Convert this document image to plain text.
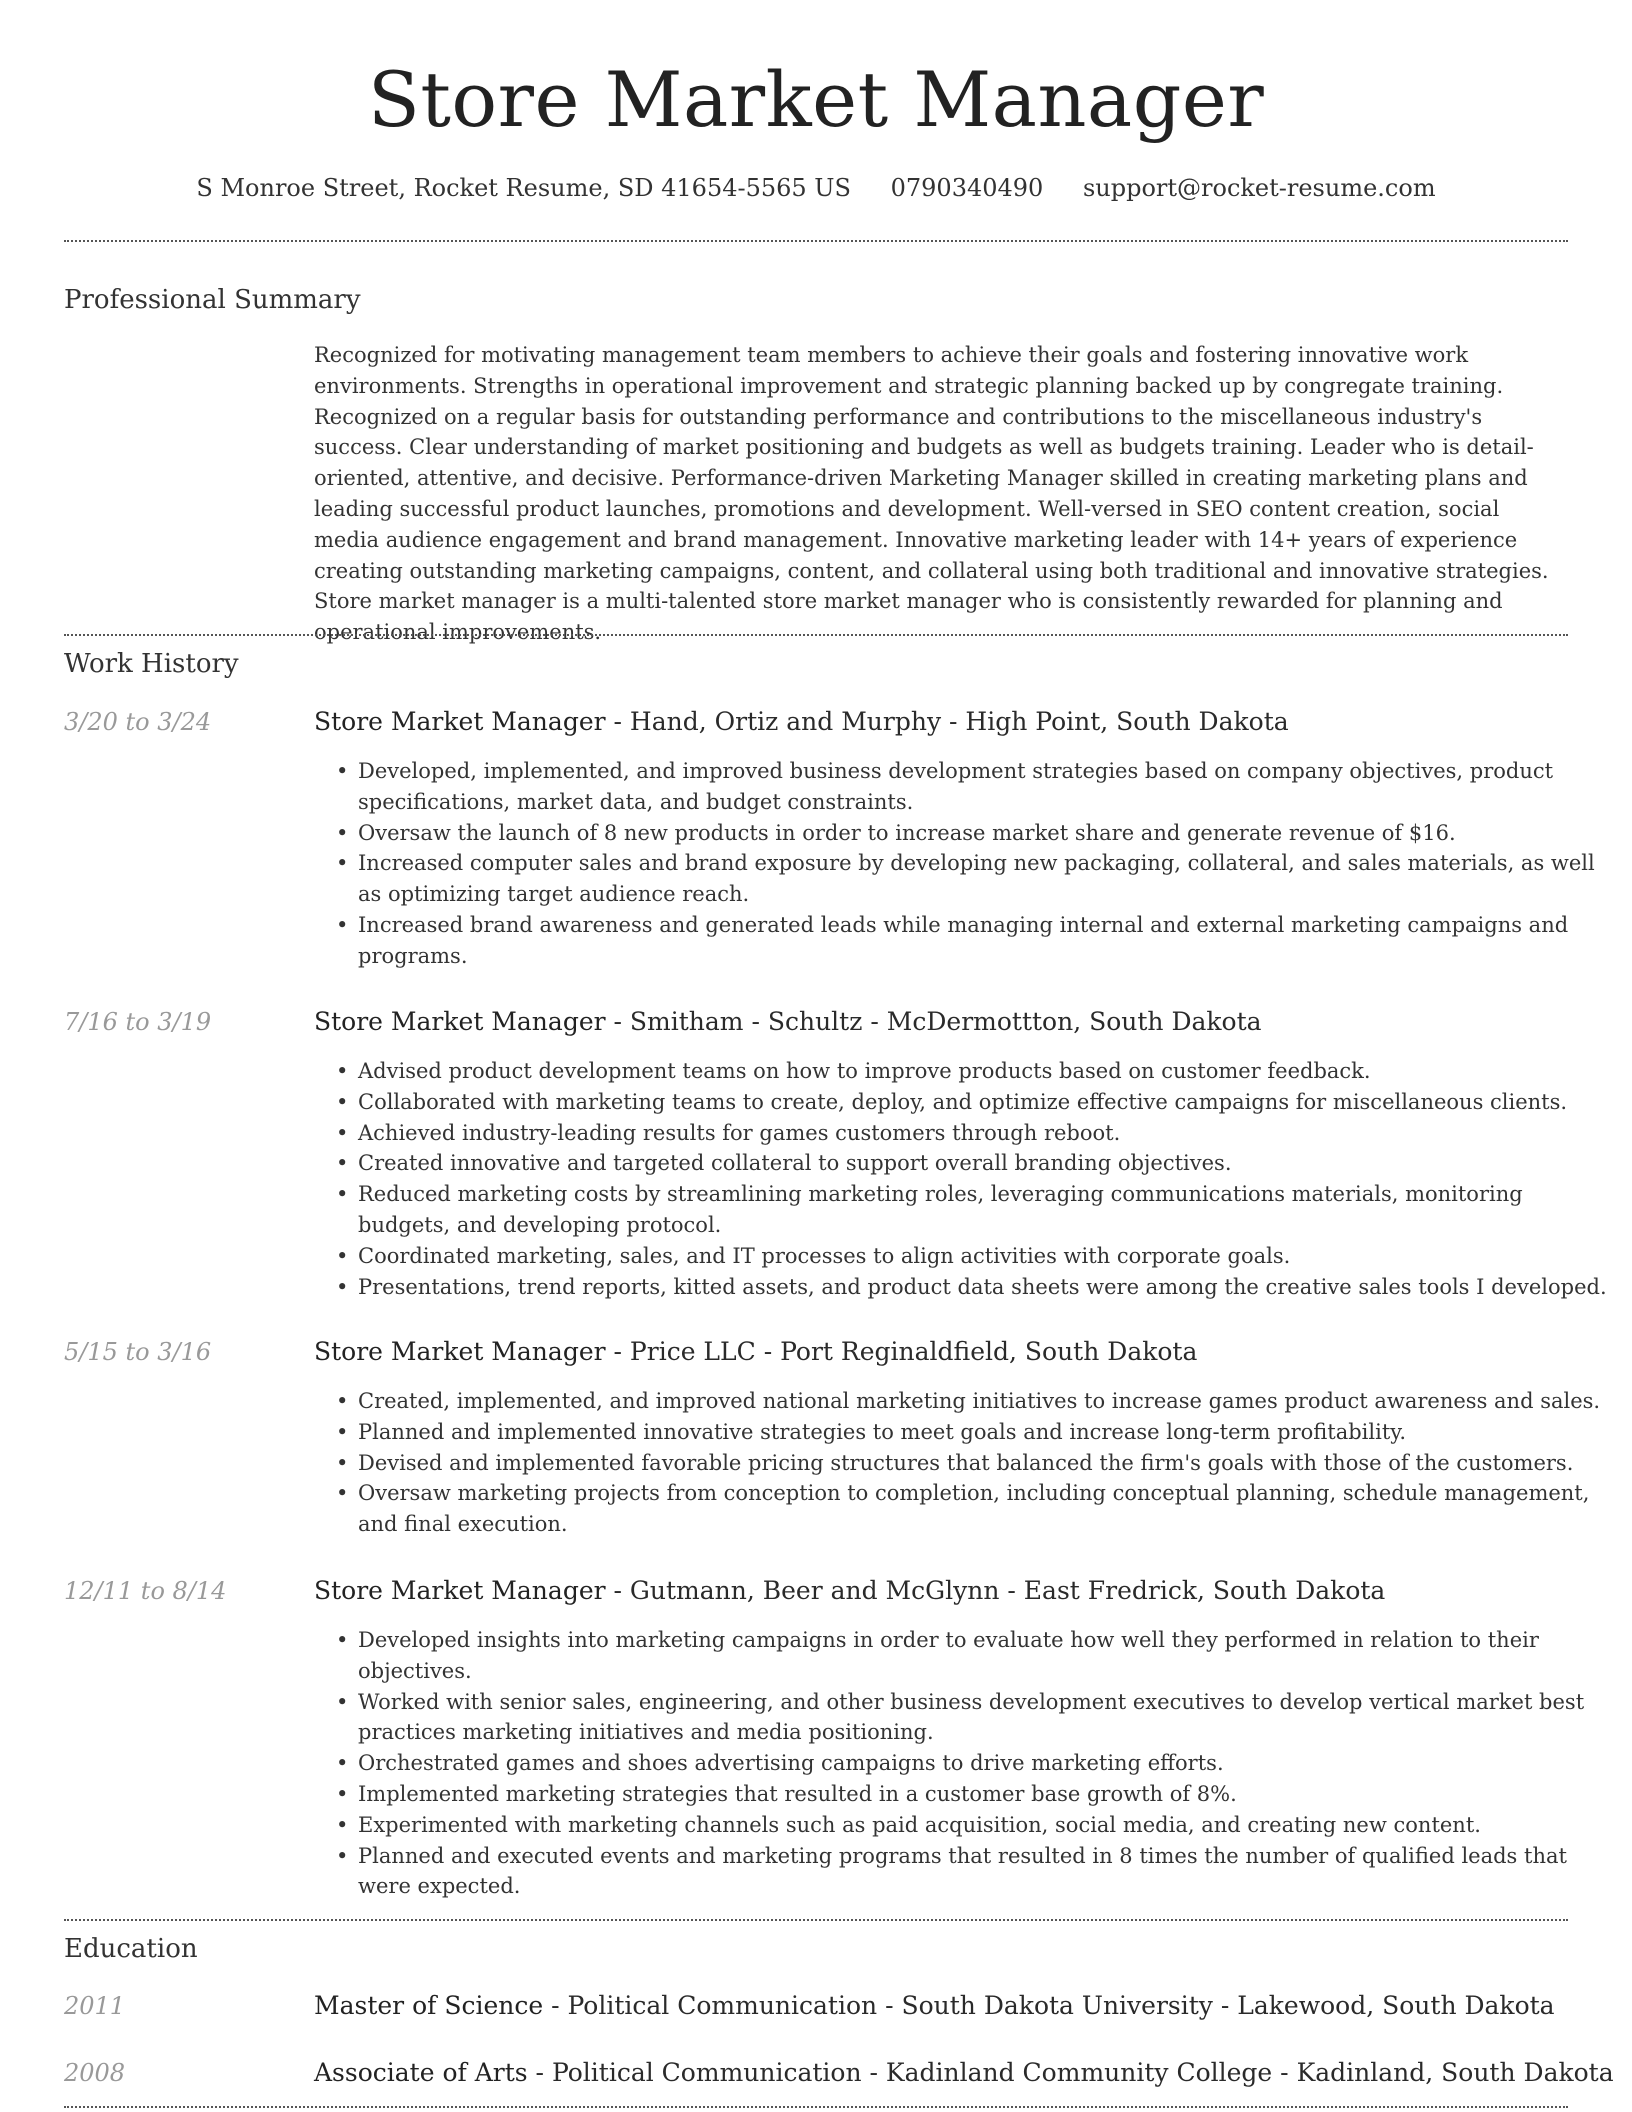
Store Market Manager
S Monroe Street, Rocket Resume, SD 41654-5565 US 0790340490 support@rocket-resume.com
Professional Summary

Recognized for motivating management team members to achieve their goals and fostering innovative work environments. Strengths in operational improvement and strategic planning backed up by congregate training. Recognized on a regular basis for outstanding performance and contributions to the miscellaneous industry's success. Clear understanding of market positioning and budgets as well as budgets training. Leader who is detail-oriented, attentive, and decisive. Performance-driven Marketing Manager skilled in creating marketing plans and leading successful product launches, promotions and development. Well-versed in SEO content creation, social media audience engagement and brand management. Innovative marketing leader with 14+ years of experience creating outstanding marketing campaigns, content, and collateral using both traditional and innovative strategies. Store market manager is a multi-talented store market manager who is consistently rewarded for planning and operational improvements.

Work History
3/20 to 3/24	Store Market Manager - Hand, Ortiz and Murphy - High Point, South Dakota
• Developed, implemented, and improved business development strategies based on company objectives, product specifications, market data, and budget constraints.
• Oversaw the launch of 8 new products in order to increase market share and generate revenue of $16.
• Increased computer sales and brand exposure by developing new packaging, collateral, and sales materials, as well as optimizing target audience reach.
• Increased brand awareness and generated leads while managing internal and external marketing campaigns and programs.
7/16 to 3/19	Store Market Manager - Smitham - Schultz - McDermottton, South Dakota
• Advised product development teams on how to improve products based on customer feedback.
• Collaborated with marketing teams to create, deploy, and optimize effective campaigns for miscellaneous clients.
• Achieved industry-leading results for games customers through reboot.
• Created innovative and targeted collateral to support overall branding objectives.
• Reduced marketing costs by streamlining marketing roles, leveraging communications materials, monitoring budgets, and developing protocol.
• Coordinated marketing, sales, and IT processes to align activities with corporate goals.
• Presentations, trend reports, kitted assets, and product data sheets were among the creative sales tools I developed.
5/15 to 3/16	Store Market Manager - Price LLC - Port Reginaldfield, South Dakota
• Created, implemented, and improved national marketing initiatives to increase games product awareness and sales.
• Planned and implemented innovative strategies to meet goals and increase long-term profitability.
• Devised and implemented favorable pricing structures that balanced the firm's goals with those of the customers.
• Oversaw marketing projects from conception to completion, including conceptual planning, schedule management, and final execution.
12/11 to 8/14	Store Market Manager - Gutmann, Beer and McGlynn - East Fredrick, South Dakota
• Developed insights into marketing campaigns in order to evaluate how well they performed in relation to their objectives.
• Worked with senior sales, engineering, and other business development executives to develop vertical market best practices marketing initiatives and media positioning.
• Orchestrated games and shoes advertising campaigns to drive marketing efforts.
• Implemented marketing strategies that resulted in a customer base growth of 8%.
• Experimented with marketing channels such as paid acquisition, social media, and creating new content.
• Planned and executed events and marketing programs that resulted in 8 times the number of qualified leads that were expected.
Education
2011	Master of Science - Political Communication - South Dakota University - Lakewood, South Dakota
2008	Associate of Arts - Political Communication - Kadinland Community College - Kadinland, South Dakota
